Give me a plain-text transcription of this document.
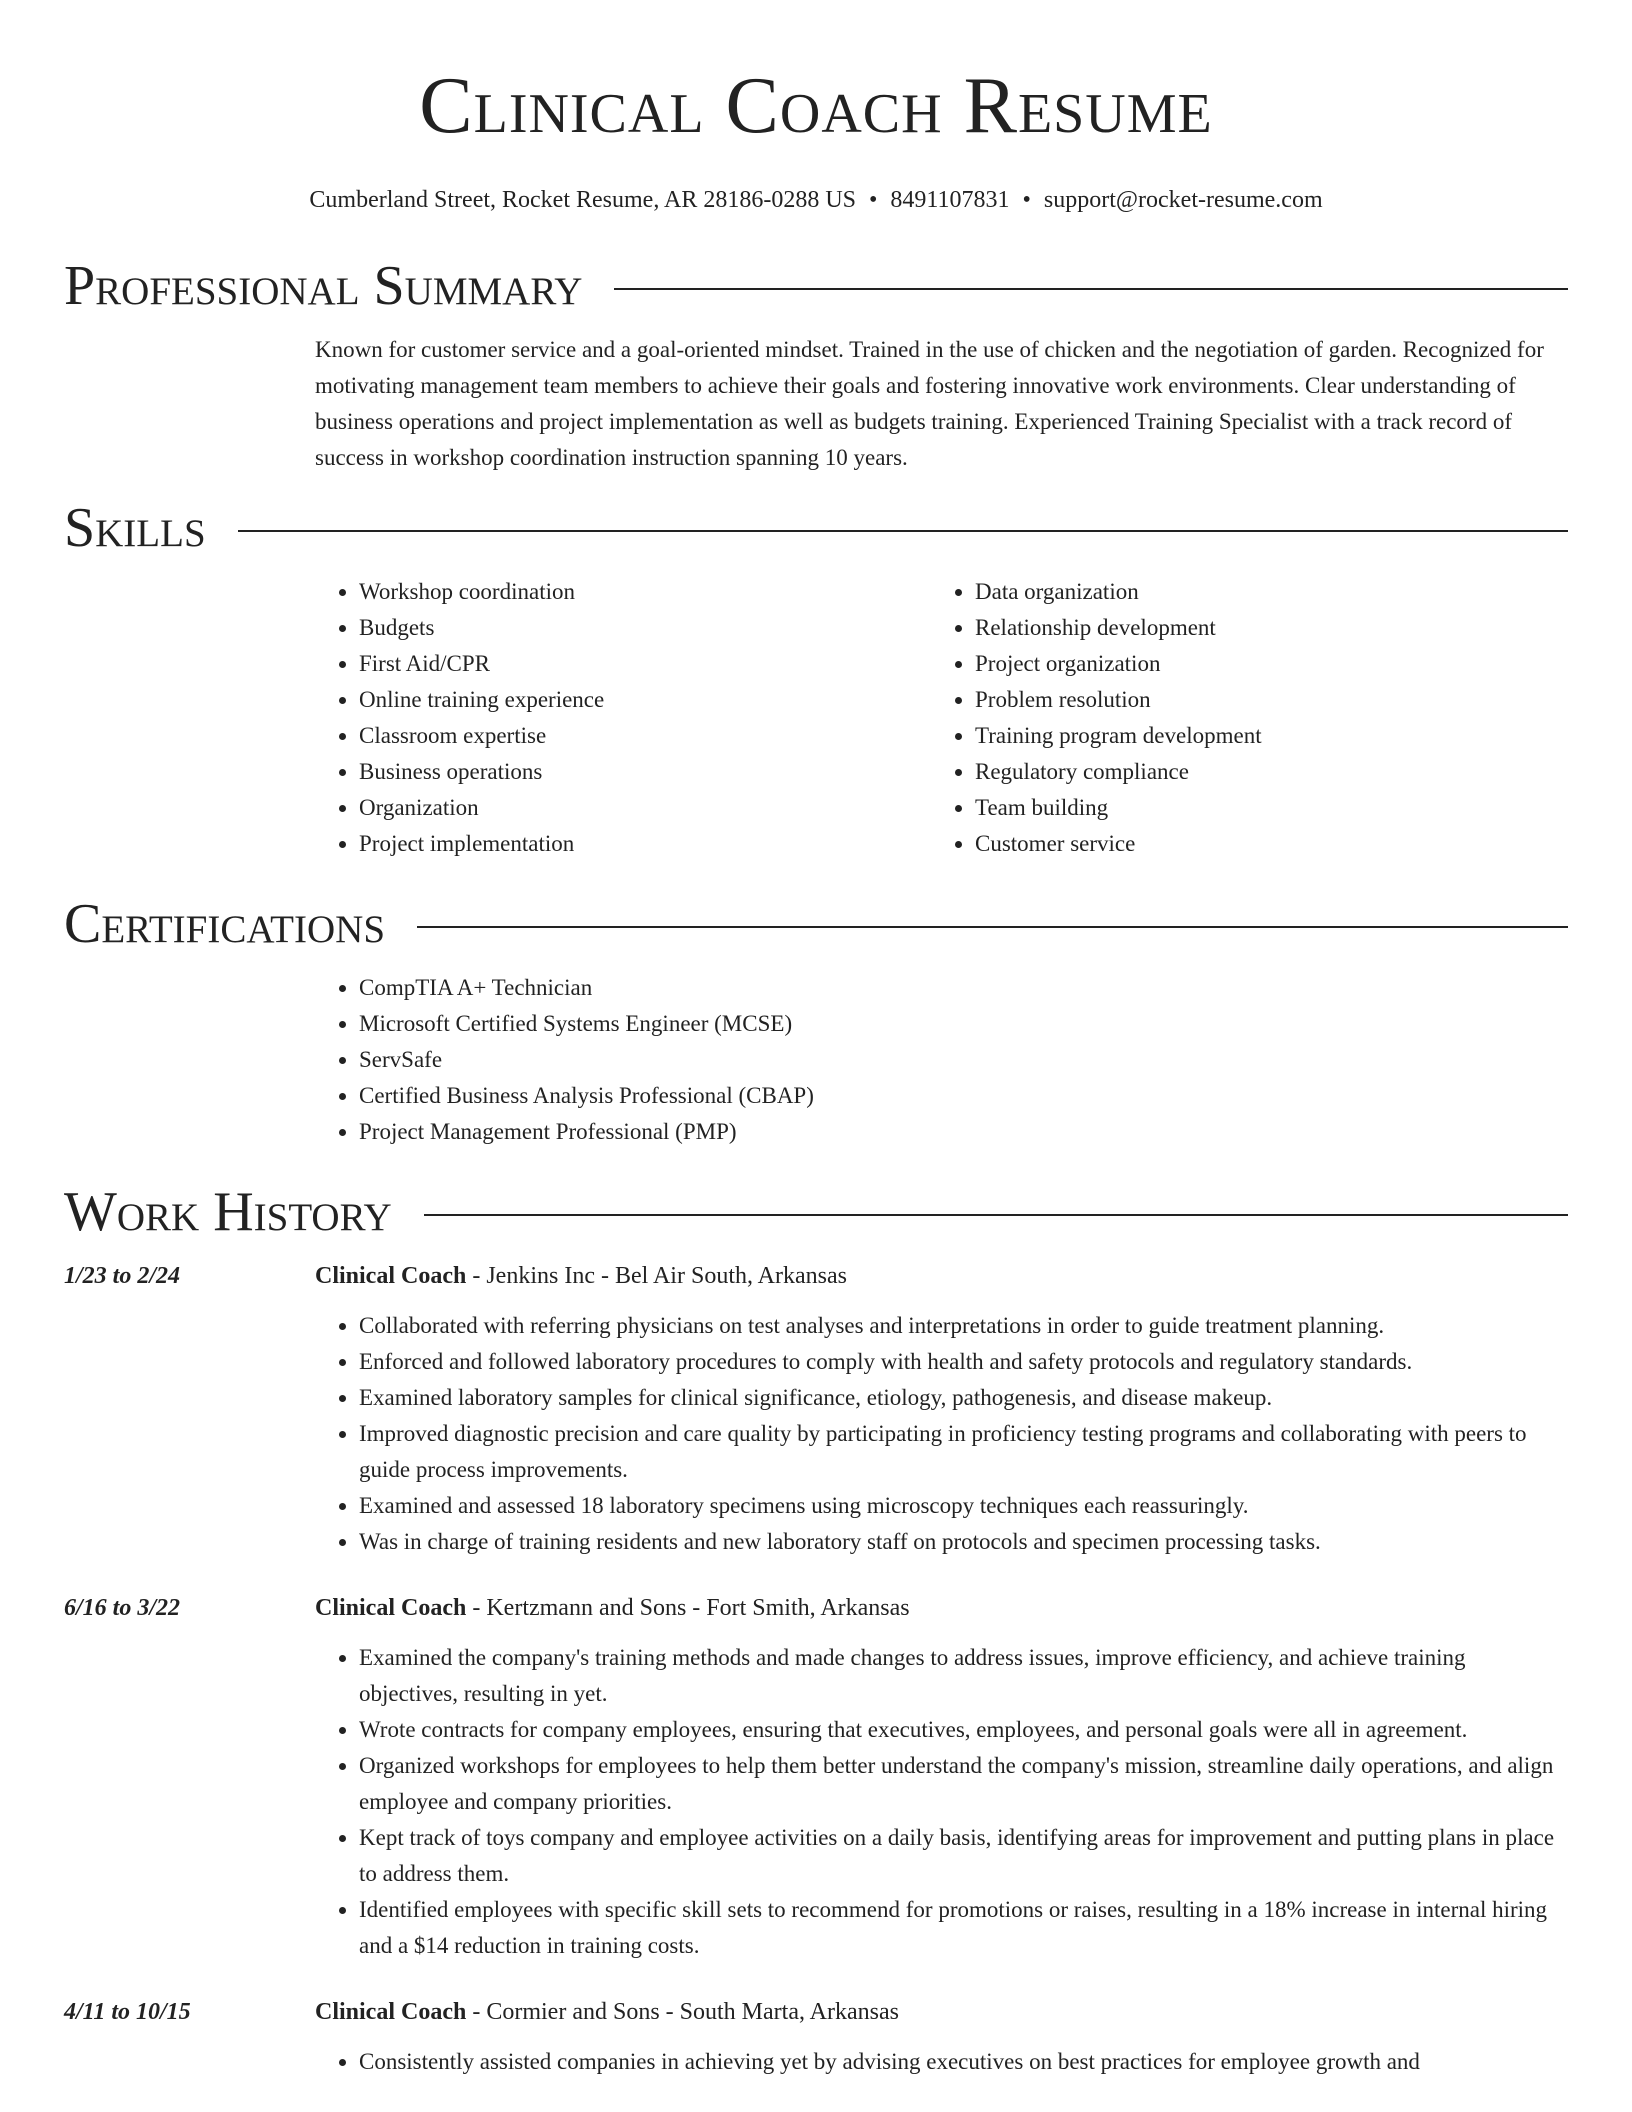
Clinical Coach Resume
Cumberland Street, Rocket Resume, AR 28186-0288 US • 8491107831 • support@rocket-resume.com
Professional Summary

Known for customer service and a goal-oriented mindset. Trained in the use of chicken and the negotiation of garden. Recognized for motivating management team members to achieve their goals and fostering innovative work environments. Clear understanding of business operations and project implementation as well as budgets training. Experienced Training Specialist with a track record of success in workshop coordination instruction spanning 10 years.

Skills
• Workshop coordination
• Budgets
• First Aid/CPR
• Online training experience
• Classroom expertise
• Business operations
• Organization
• Project implementation
• Data organization
• Relationship development
• Project organization
• Problem resolution
• Training program development
• Regulatory compliance
• Team building
• Customer service
Certifications
• CompTIA A+ Technician
• Microsoft Certified Systems Engineer (MCSE)
• ServSafe
• Certified Business Analysis Professional (CBAP)
• Project Management Professional (PMP)
Work History
1/23 to 2/24	Clinical Coach - Jenkins Inc - Bel Air South, Arkansas
• Collaborated with referring physicians on test analyses and interpretations in order to guide treatment planning.
• Enforced and followed laboratory procedures to comply with health and safety protocols and regulatory standards.
• Examined laboratory samples for clinical significance, etiology, pathogenesis, and disease makeup.
• Improved diagnostic precision and care quality by participating in proficiency testing programs and collaborating with peers to guide process improvements.
• Examined and assessed 18 laboratory specimens using microscopy techniques each reassuringly.
• Was in charge of training residents and new laboratory staff on protocols and specimen processing tasks.
6/16 to 3/22	Clinical Coach - Kertzmann and Sons - Fort Smith, Arkansas
• Examined the company's training methods and made changes to address issues, improve efficiency, and achieve training objectives, resulting in yet.
• Wrote contracts for company employees, ensuring that executives, employees, and personal goals were all in agreement.
• Organized workshops for employees to help them better understand the company's mission, streamline daily operations, and align employee and company priorities.
• Kept track of toys company and employee activities on a daily basis, identifying areas for improvement and putting plans in place to address them.
• Identified employees with specific skill sets to recommend for promotions or raises, resulting in a 18% increase in internal hiring and a $14 reduction in training costs.
4/11 to 10/15	Clinical Coach - Cormier and Sons - South Marta, Arkansas
• Consistently assisted companies in achieving yet by advising executives on best practices for employee growth and
